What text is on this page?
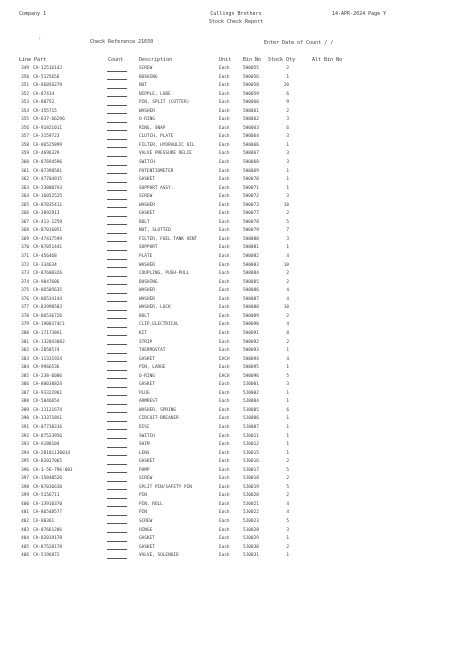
Company 1	Cullings Brothers
Stock Check Report
14-APR-2024 Page Y
'	Check Reference 21650	Enter Date of Count / /
Line Part	Count	Description	Unit Bin No Stock Qty	Alt Bin No
349 CA-1251614J	SCREW	Each	5H0055	2
350 CA-5125656	BUSHING	Each	5H0056	1
351 CA-86056279	NUT	Each	5H0058	20
352 CA-87414	NIPPLE, LUBE	Each	5H0059	6
353 CA-80752	PIN, SPLIT (COTTER)	Each	5H0060	9
354 CA-355715	WASHER	Each	5H0061	2
355 CA-637-66296	O-RING	Each	5H0062	3
356 CA-91821011	RING, SNAP	Each	5H0063	6
357 CA-3159723	CLUTCH, PLATE	Each	5H0064	3
358 CA-86525899	FILTER, HYDRAULIC OIL	Each	5H0066	1
359 CA-4696329	VALVE PRESSURE RELIE	Each	5H0067	3
360 CA-87694596	SWITCH	Each	5H0068	3
361 CA-87398581	POTENTIOMETER	Each	5H0069	1
362 CA-47704915	GASKET	Each	5H0070	1
363 CA-238807A3	SUPPORT ASSY.	Each	5H0071	1
364 CA-16052525	SCREW	Each	5H0072	3
365 CA-87035411	WASHER	Each	5H0073	10
366 CA-3092913	GASKET	Each	5H0077	2
367 CA-413-1259	BOLT	Each	5H0078	5
368 CA-87016051	NUT, SLOTTED	Each	5H0079	7
369 CA-47437599	FILTER, FUEL TANK VENT	Each	5H0080	3
370 CA-87051441	SUPPORT	Each	5H0081	1
371 CA-456468	PLATE	Each	5H0082	4
372 CA-334634	WASHER	Each	5H0083	10
373 CA-87600326	COUPLING, PUSH-PULL	Each	5H0084	2
374 CA-9847606	BUSHING	Each	5H0085	2
375 CA-86505635	WASHER	Each	5H0086	4
376 CA-86534144	WASHER	Each	5H0087	4
377 CA-83990583	WASHER, LOCK	Each	5H0088	10
378 CA-86536726	BOLT	Each	5H0089	2
379 CA-1900374C1	CLIP,ELECTRICAL	Each	5H0090	4
380 CA-171738A1	KIT	Each	5H0091	8
381 CA-132043082	STRIP	Each	5H0092	2
382 CA-2858574	THERMOSTAT	Each	5H0093	1
383 CA-11331924	GASKET	EACH	5H0094	4
384 CA-9966536	PIN, LARGE	Each	5H0095	1
385 CA-238-6006	O-RING	EACH	5H0096	5
386 CA-80038824	GASKET	Each	5J0001	3
387 CA-93322961	PLUG	Each	5J0002	1
388 CA-5846654	ARMREST	Each	5J0004	1
389 CA-11131674	WASHER, SPRING	Each	5J0005	6
390 CA-133718A1	CIRCUIT-BREAKER	Each	5J0006	1
391 CA-87738316	DISC	Each	5J0007	1
392 CA-87523956	SWITCH	Each	5J0011	1
393 CA-A188104	SHIM	Each	5J0012	1
394 CA-28181130014	LENS	Each	5J0015	1
395 CA-82027065	GASKET	Each	5J0016	2
396 CA-3-56-796-001	PUMP	Each	5J0017	5
397 CA-15840526	SCREW	Each	5J0018	2
398 CA-87016630	SPLIT PIN/SAFETY PIN	Each	5J0019	5
399 CA-5156711	PIN	Each	5J0020	2
400 CA-13910370	PIN, ROLL	Each	5J0021	4
401 CA-86548577	PIN	Each	5J0022	4
402 CA-88361	SCREW	Each	5J0023	5
403 CA-87661286	HINGE	Each	5J0028	3
404 CA-82019178	GASKET	Each	5J0029	1
405 CA-87528178	GASKET	Each	5J0030	2
406 CA-5196872	VALVE, SOLENOID	Each	5J0031	1
